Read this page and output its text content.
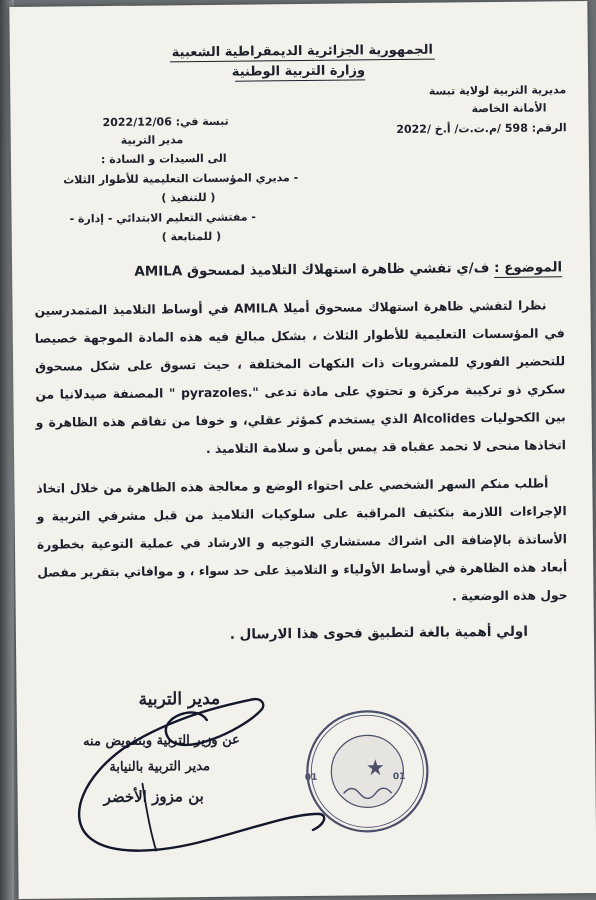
الجمهورية الجزائرية الديمقراطية الشعبية
وزارة التربية الوطنية
مديرية التربية لولاية تبسة
الأمانة الخاصة
الرقم: 598 /م.ت.ت/ أ.خ /2022
تبسة في: 2022/12/06
مدير التربية
الى السيدات و السادة :
- مديري المؤسسات التعليمية للأطوار الثلاث
( للتنفيذ )
- مفتشي التعليم الابتدائي - إدارة -
( للمتابعة )
الموضوع : ف/ي تفشي ظاهرة استهلاك التلاميذ لمسحوق AMILA

نظرا لتفشي ظاهرة استهلاك مسحوق أميلا AMILA في أوساط التلاميذ المتمدرسين في المؤسسات التعليمية للأطوار الثلاث ، بشكل مبالغ فيه هذه المادة الموجهة خصيصا للتحضير الفوري للمشروبات ذات النكهات المختلفة ، حيث تسوق على شكل مسحوق سكري ذو تركيبة مركزة و تحتوي على مادة تدعى ".pyrazoles " المصنفة صيدلانيا من بين الكحوليات Alcolides الذي يستخدم كمؤثر عقلي، و خوفا من تفاقم هذه الظاهرة و اتخاذها منحى لا تحمد عقباه قد يمس بأمن و سلامة التلاميذ .

أطلب منكم السهر الشخصي على احتواء الوضع و معالجة هذه الظاهرة من خلال اتخاذ الإجراءات اللازمة بتكثيف المراقبة على سلوكيات التلاميذ من قبل مشرفي التربية و الأساتذة بالإضافة الى اشراك مستشاري التوجيه و الارشاد في عملية التوعية بخطورة أبعاد هذه الظاهرة في أوساط الأولياء و التلاميذ على حد سواء ، و موافاتي بتقرير مفصل حول هذه الوضعية .

اولي أهمية بالغة لتطبيق فحوى هذا الارسال .

مدير التربية
عن وزير التربية وبتفويض منه
مدير التربية بالنيابة
بن مزوز الأخضر
01	01
